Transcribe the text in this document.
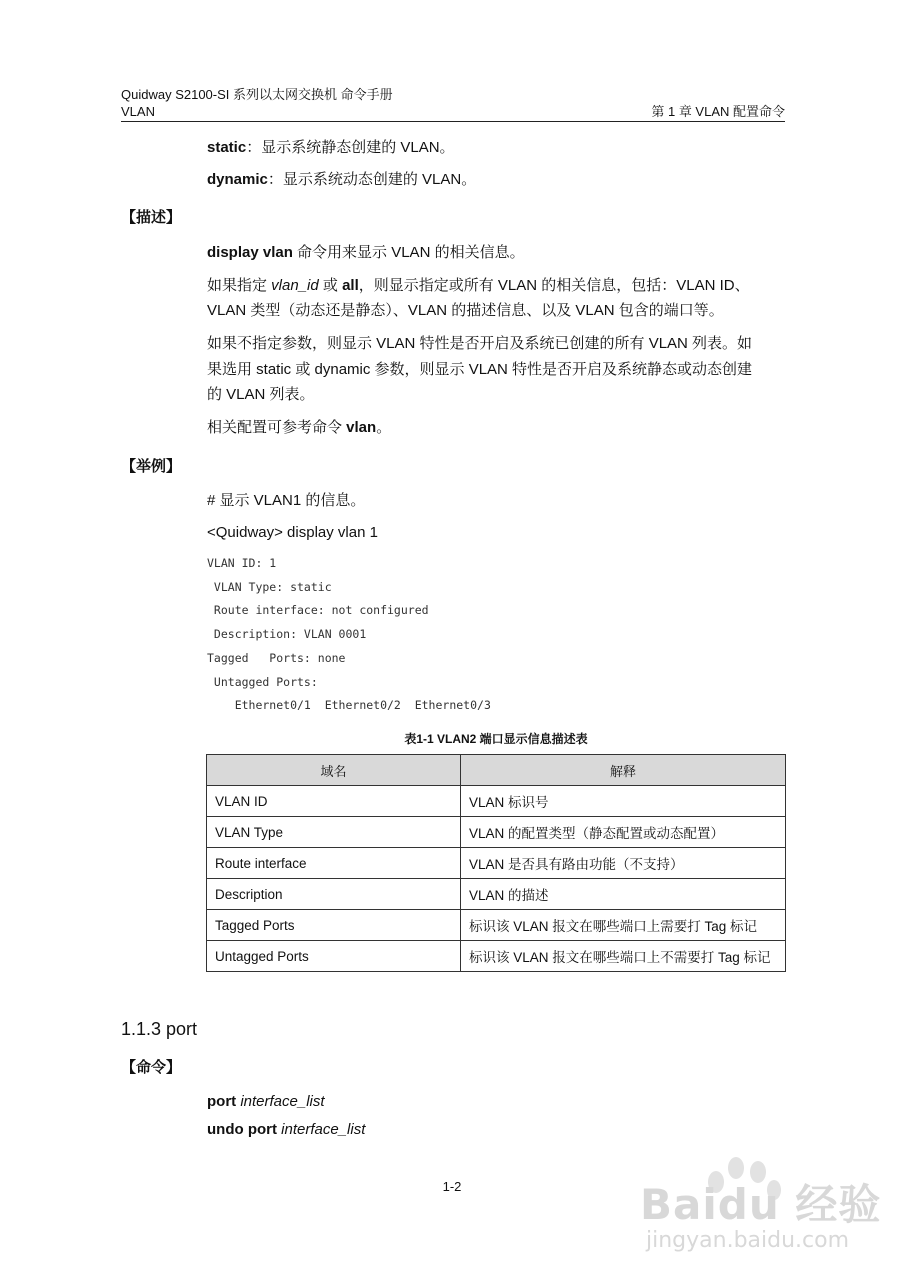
Quidway S2100-SI 系列以太网交换机 命令手册
VLAN	第 1 章 VLAN 配置命令
static：显示系统静态创建的 VLAN。
dynamic：显示系统动态创建的 VLAN。
【描述】
display vlan 命令用来显示 VLAN 的相关信息。
如果指定 vlan_id 或 all，则显示指定或所有 VLAN 的相关信息，包括：VLAN ID、
VLAN 类型（动态还是静态）、VLAN 的描述信息、以及 VLAN 包含的端口等。
如果不指定参数，则显示 VLAN 特性是否开启及系统已创建的所有 VLAN 列表。如
果选用 static 或 dynamic 参数，则显示 VLAN 特性是否开启及系统静态或动态创建
的 VLAN 列表。
相关配置可参考命令 vlan。
【举例】
# 显示 VLAN1 的信息。
<Quidway> display vlan 1
VLAN ID: 1
VLAN Type: static
Route interface: not configured
Description: VLAN 0001
Tagged   Ports: none
Untagged Ports:
Ethernet0/1  Ethernet0/2  Ethernet0/3
表1-1 VLAN2 端口显示信息描述表
域名	解释
VLAN ID	VLAN 标识号
VLAN Type	VLAN 的配置类型（静态配置或动态配置）
Route interface	VLAN 是否具有路由功能（不支持）
Description	VLAN 的描述
Tagged Ports	标识该 VLAN 报文在哪些端口上需要打 Tag 标记
Untagged Ports	标识该 VLAN 报文在哪些端口上不需要打 Tag 标记
1.1.3 port
【命令】
port interface_list
undo port interface_list
1-2	Baidu 经验
jingyan.baidu.com
